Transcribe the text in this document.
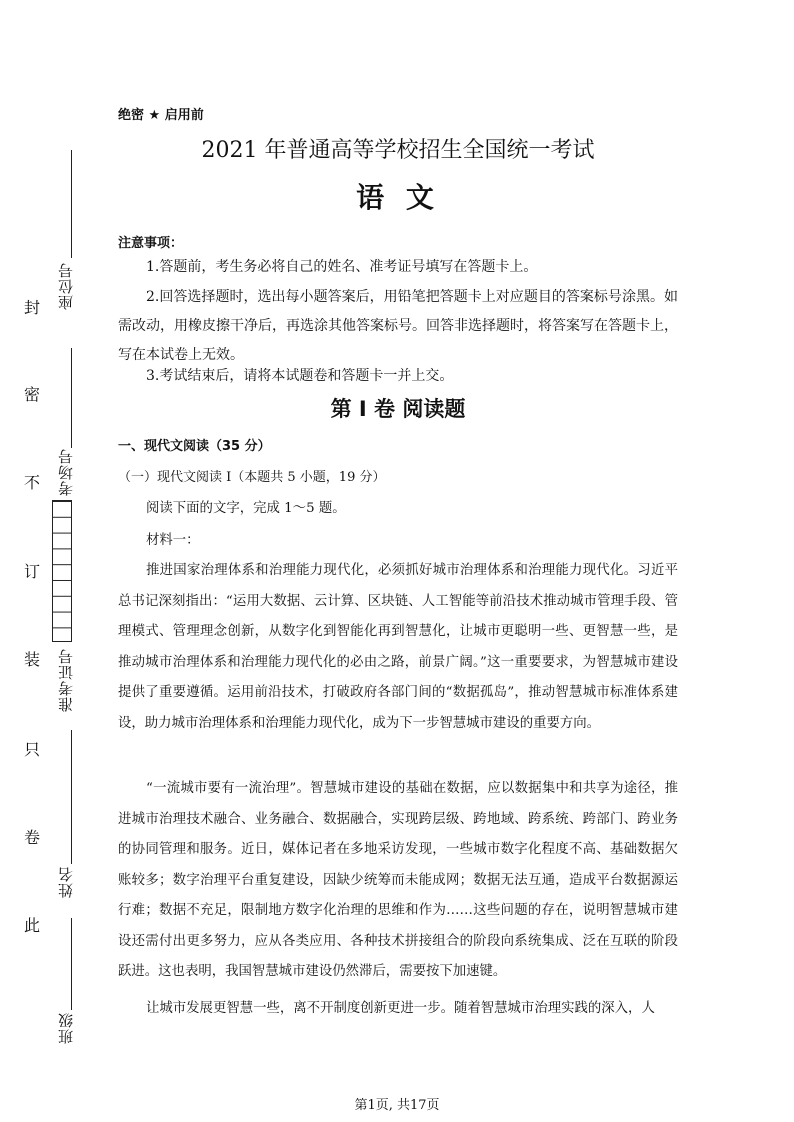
封
密
不
订
装
只
卷
此
座位号
考场号
准考证号
姓名
班级
绝密 ★ 启用前
2021 年普通高等学校招生全国统一考试
语 文
注意事项：
1.答题前，考生务必将自己的姓名、准考证号填写在答题卡上。
2.回答选择题时，选出每小题答案后，用铅笔把答题卡上对应题目的答案标号涂黑。如需改动，用橡皮擦干净后，再选涂其他答案标号。回答非选择题时，将答案写在答题卡上，写在本试卷上无效。
3.考试结束后，请将本试题卷和答题卡一并上交。
第 I 卷 阅读题
一、现代文阅读（35 分）
（一）现代文阅读 I（本题共 5 小题，19 分）
阅读下面的文字，完成 1～5 题。
材料一：
推进国家治理体系和治理能力现代化，必须抓好城市治理体系和治理能力现代化。习近平总书记深刻指出：“运用大数据、云计算、区块链、人工智能等前沿技术推动城市管理手段、管理模式、管理理念创新，从数字化到智能化再到智慧化，让城市更聪明一些、更智慧一些，是推动城市治理体系和治理能力现代化的必由之路，前景广阔。”这一重要要求，为智慧城市建设提供了重要遵循。运用前沿技术，打破政府各部门间的“数据孤岛”，推动智慧城市标准体系建设，助力城市治理体系和治理能力现代化，成为下一步智慧城市建设的重要方向。
“一流城市要有一流治理”。智慧城市建设的基础在数据，应以数据集中和共享为途径，推进城市治理技术融合、业务融合、数据融合，实现跨层级、跨地域、跨系统、跨部门、跨业务的协同管理和服务。近日，媒体记者在多地采访发现，一些城市数字化程度不高、基础数据欠账较多；数字治理平台重复建设，因缺少统筹而未能成网；数据无法互通，造成平台数据源运行难；数据不充足，限制地方数字化治理的思维和作为……这些问题的存在，说明智慧城市建设还需付出更多努力，应从各类应用、各种技术拼接组合的阶段向系统集成、泛在互联的阶段跃进。这也表明，我国智慧城市建设仍然滞后，需要按下加速键。
让城市发展更智慧一些，离不开制度创新更进一步。随着智慧城市治理实践的深入，人
第1页, 共17页
